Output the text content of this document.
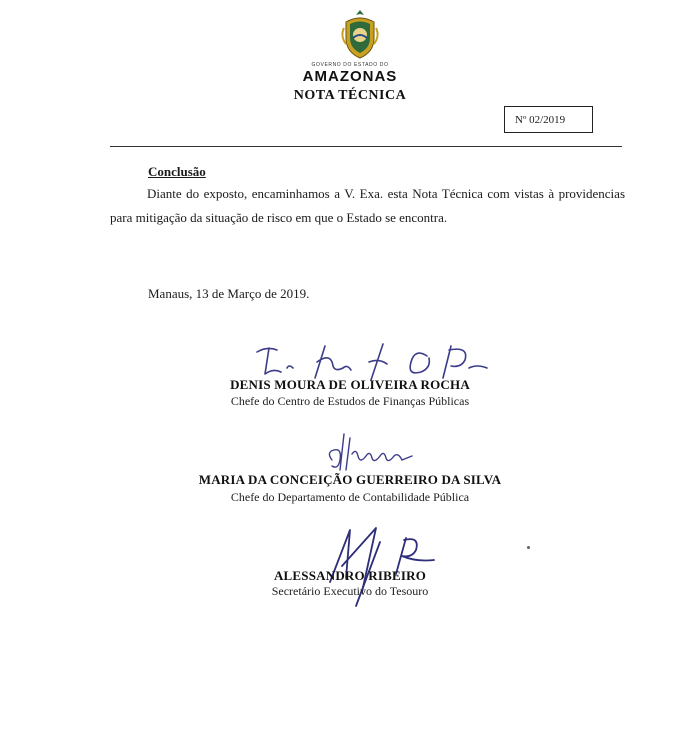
GOVERNO DO ESTADO DO
AMAZONAS
NOTA TÉCNICA
Nº 02/2019
Conclusão
Diante do exposto, encaminhamos a V. Exa. esta Nota Técnica com vistas à providencias para mitigação da situação de risco em que o Estado se encontra.
Manaus, 13 de Março de 2019.
DENIS MOURA DE OLIVEIRA ROCHA
Chefe do Centro de Estudos de Finanças Públicas
MARIA DA CONCEIÇÃO GUERREIRO DA SILVA
Chefe do Departamento de Contabilidade Pública
ALESSANDRO RIBEIRO
Secretário Executivo do Tesouro
